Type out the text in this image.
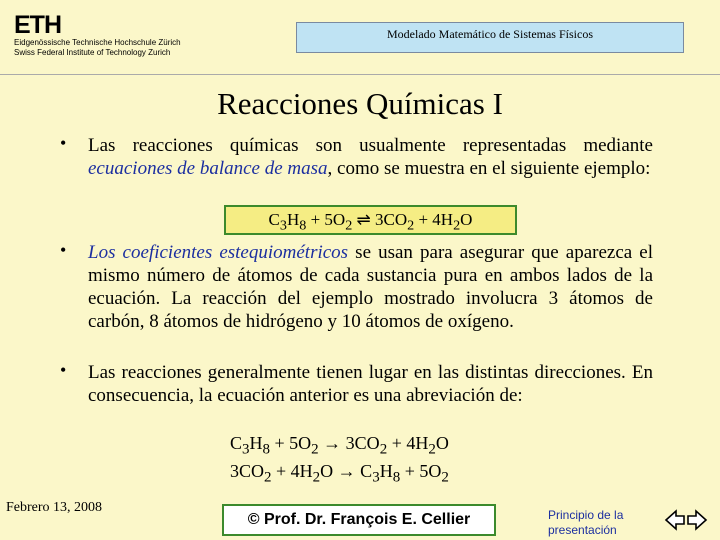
ETH
Eidgenössische Technische Hochschule Zürich
Swiss Federal Institute of Technology Zurich
Modelado Matemático de Sistemas Físicos
Reacciones Químicas I
• Las reacciones químicas son usualmente representadas mediante ecuaciones de balance de masa, como se muestra en el siguiente ejemplo:

$C_3H_8 + 5O_2$ ⇌ $3CO_2 + 4H_2O$
• Los coeficientes estequiométricos se usan para asegurar que aparezca el mismo número de átomos de cada sustancia pura en ambos lados de la ecuación. La reacción del ejemplo mostrado involucra 3 átomos de carbón, 8 átomos de hidrógeno y 10 átomos de oxígeno.

• Las reacciones generalmente tienen lugar en las distintas direcciones. En consecuencia, la ecuación anterior es una abreviación de:

$C_3H_8 + 5O_2 \to 3CO_2 + 4H_2O$
$3CO_2 + 4H_2O \to C_3H_8 + 5O_2$
Febrero 13, 2008
© Prof. Dr. François E. Cellier	Principio de la presentación
